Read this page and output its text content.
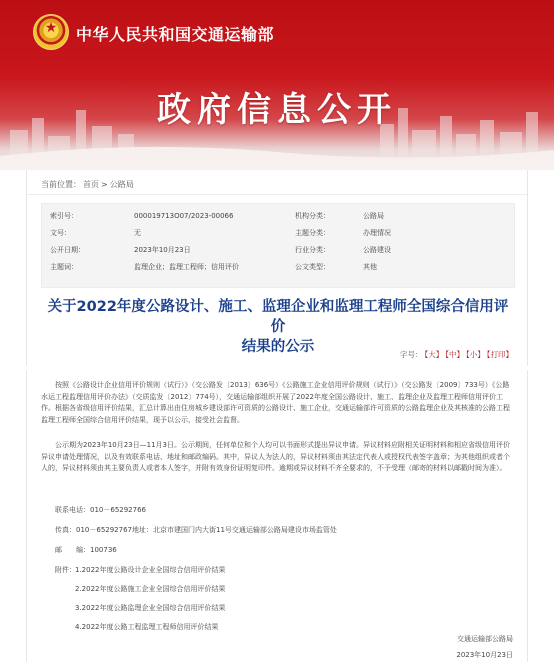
★
中华人民共和国交通运输部
政府信息公开
当前位置： 首页 > 公路局
索引号：	000019713O07/2023-00066	机构分类：	公路局
文号：	无	主题分类：	办理情况
公开日期：	2023年10月23日	行业分类：	公路建设
主题词：	监理企业；监理工程师；信用评价	公文类型：	其他
关于2022年度公路设计、施工、监理企业和监理工程师全国综合信用评价
结果的公示	字号： 【大】 【中】 【小】 【打印】
按照《公路设计企业信用评价规则（试行）》（交公路发〔2013〕636号）《公路施工企业信用评价规则（试行）》（交公路发〔2009〕733号）《公路水运工程监理信用评价办法》（交质监发〔2012〕774号），交通运输部组织开展了2022年度全国公路设计、施工、监理企业及监理工程师信用评价工作。根据各省级信用评价结果，汇总计算出由住房城乡建设部许可资质的公路设计、施工企业，交通运输部许可资质的公路监理企业及其核准的公路工程监理工程师全国综合信用评价结果，现予以公示，接受社会监督。
公示期为2023年10月23日—11月3日。公示期间，任何单位和个人均可以书面形式提出异议申请。异议材料应附相关证明材料和相应省级信用评价异议申请处理情况，以及有效联系电话、地址和邮政编码。其中，异议人为法人的，异议材料须由其法定代表人或授权代表签字盖章；为其他组织或者个人的，异议材料须由其主要负责人或者本人签字，并附有效身份证明复印件。逾期或异议材料不齐全要求的，不予受理（邮寄的材料以邮戳时间为准）。
联系电话：010－65292766
传真：010－65292767地址：北京市建国门内大街11号交通运输部公路局建设市场监管处
邮　　编：100736
附件： 1.2022年度公路设计企业全国综合信用评价结果
2.2022年度公路施工企业全国综合信用评价结果
3.2022年度公路监理企业全国综合信用评价结果
4.2022年度公路工程监理工程师信用评价结果
交通运输部公路局
2023年10月23日
